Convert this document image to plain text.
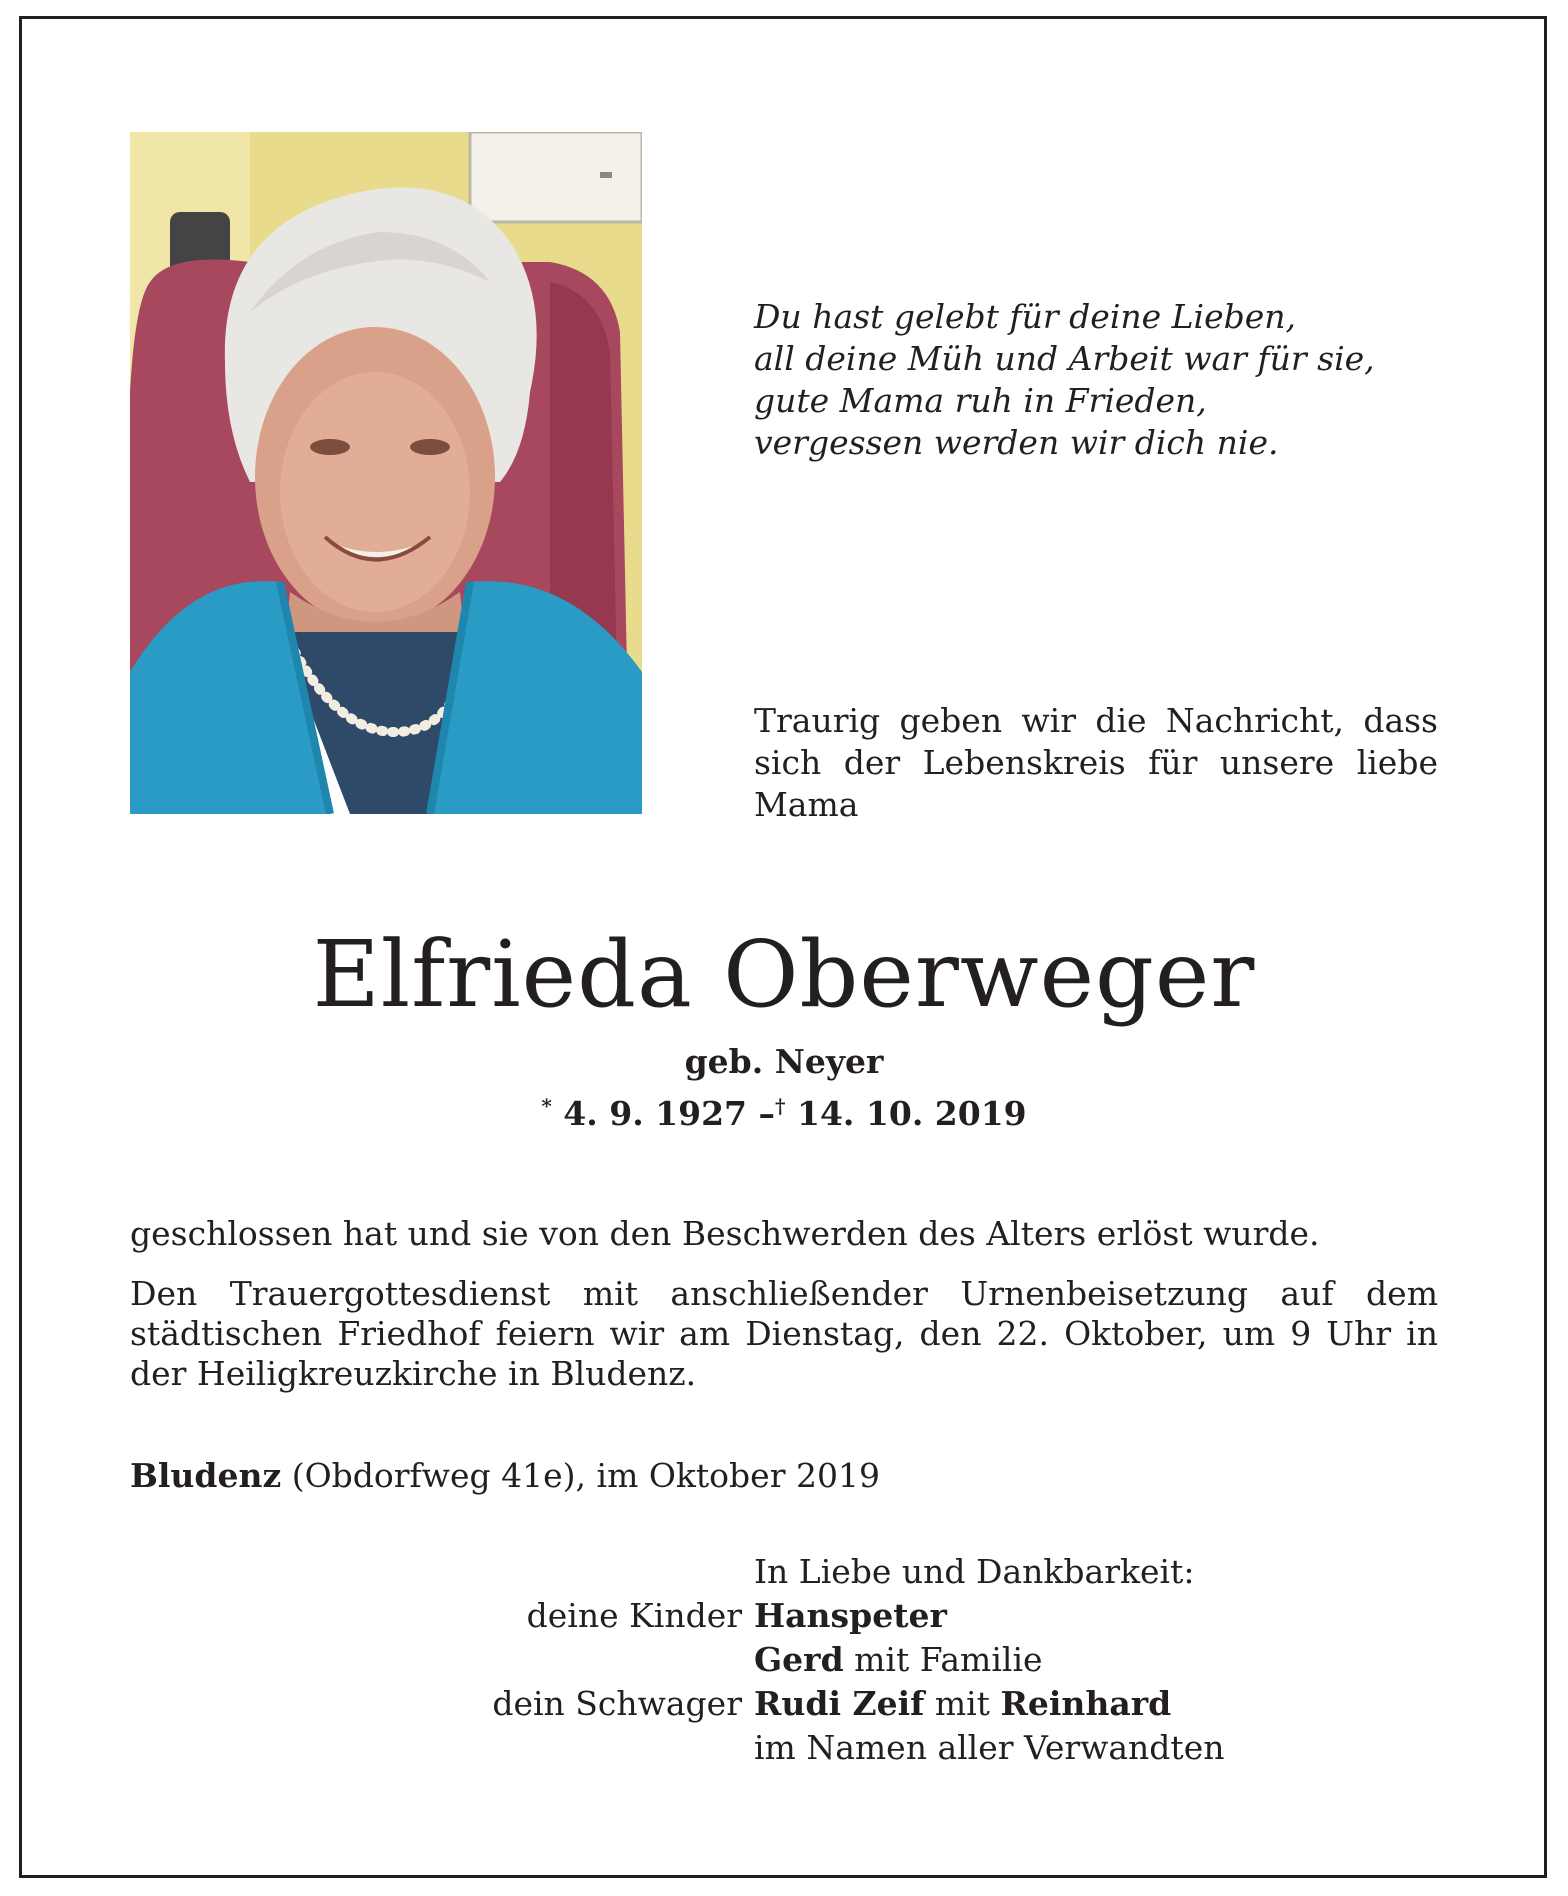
Du hast gelebt für deine Lieben,
all deine Müh und Arbeit war für sie,
gute Mama ruh in Frieden,
vergessen werden wir dich nie.
Traurig geben wir die Nachricht, dass sich der Lebenskreis für unsere liebe Mama
Elfrieda Oberweger
geb. Neyer
* 4. 9. 1927 –† 14. 10. 2019
geschlossen hat und sie von den Beschwerden des Alters erlöst wurde.
Den Trauergottesdienst mit anschließender Urnenbeisetzung auf dem städtischen Friedhof feiern wir am Dienstag, den 22. Oktober, um 9 Uhr in der Heiligkreuzkirche in Bludenz.
Bludenz (Obdorfweg 41e), im Oktober 2019
In Liebe und Dankbarkeit:
deine Kinder Hanspeter
Gerd mit Familie
dein Schwager Rudi Zeif mit Reinhard
im Namen aller Verwandten
